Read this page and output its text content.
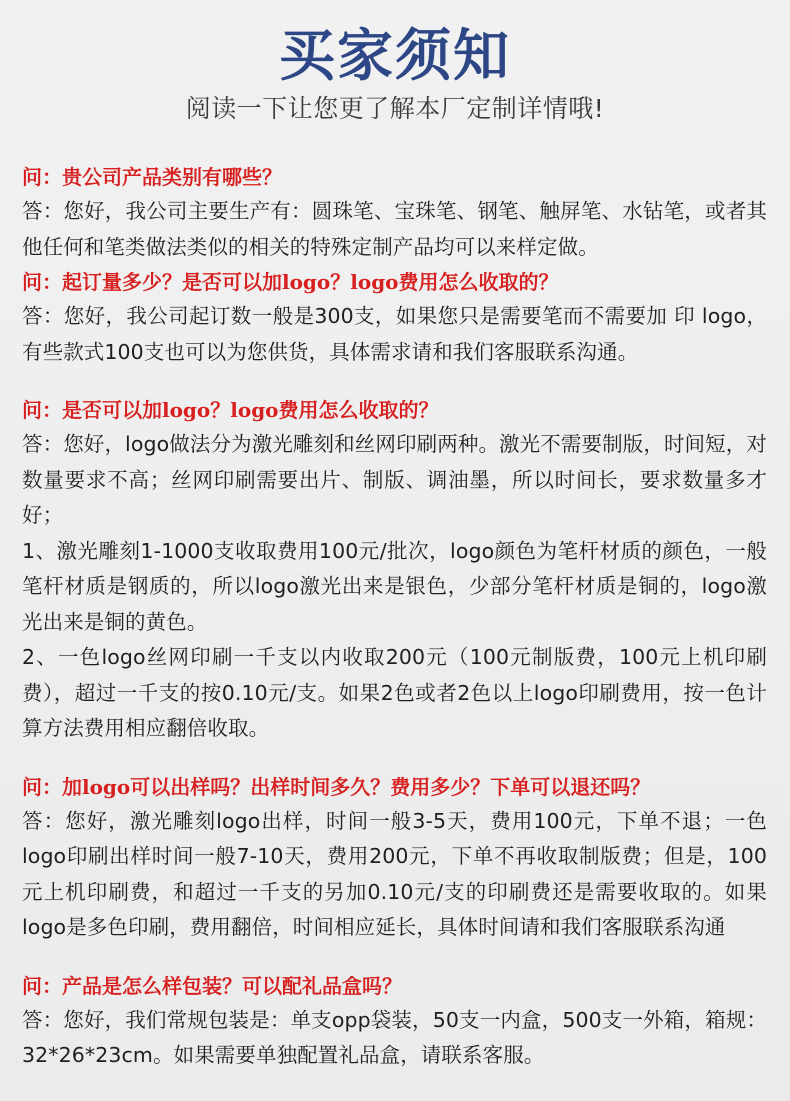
买家须知
阅读一下让您更了解本厂定制详情哦!
问：贵公司产品类别有哪些？

答：您好，我公司主要生产有：圆珠笔、宝珠笔、钢笔、触屏笔、水钻笔，或者其他任何和笔类做法类似的相关的特殊定制产品均可以来样定做。

问：起订量多少？是否可以加logo？logo费用怎么收取的？

答：您好，我公司起订数一般是300支，如果您只是需要笔而不需要加 印 logo，有些款式100支也可以为您供货，具体需求请和我们客服联系沟通。

问：是否可以加logo？logo费用怎么收取的？

答：您好，logo做法分为激光雕刻和丝网印刷两种。激光不需要制版，时间短，对数量要求不高；丝网印刷需要出片、制版、调油墨，所以时间长，要求数量多才好；

1、激光雕刻1-1000支收取费用100元/批次，logo颜色为笔杆材质的颜色，一般笔杆材质是钢质的，所以logo激光出来是银色，少部分笔杆材质是铜的，logo激光出来是铜的黄色。

2、一色logo丝网印刷一千支以内收取200元（100元制版费，100元上机印刷费），超过一千支的按0.10元/支。如果2色或者2色以上logo印刷费用，按一色计算方法费用相应翻倍收取。

问：加logo可以出样吗？出样时间多久？费用多少？下单可以退还吗？

答：您好，激光雕刻logo出样，时间一般3-5天，费用100元，下单不退；一色logo印刷出样时间一般7-10天，费用200元，下单不再收取制版费；但是，100元上机印刷费，和超过一千支的另加0.10元/支的印刷费还是需要收取的。如果logo是多色印刷，费用翻倍，时间相应延长，具体时间请和我们客服联系沟通

问：产品是怎么样包装？可以配礼品盒吗？

答：您好，我们常规包装是：单支opp袋装，50支一内盒，500支一外箱，箱规：32*26*23cm。如果需要单独配置礼品盒，请联系客服。
